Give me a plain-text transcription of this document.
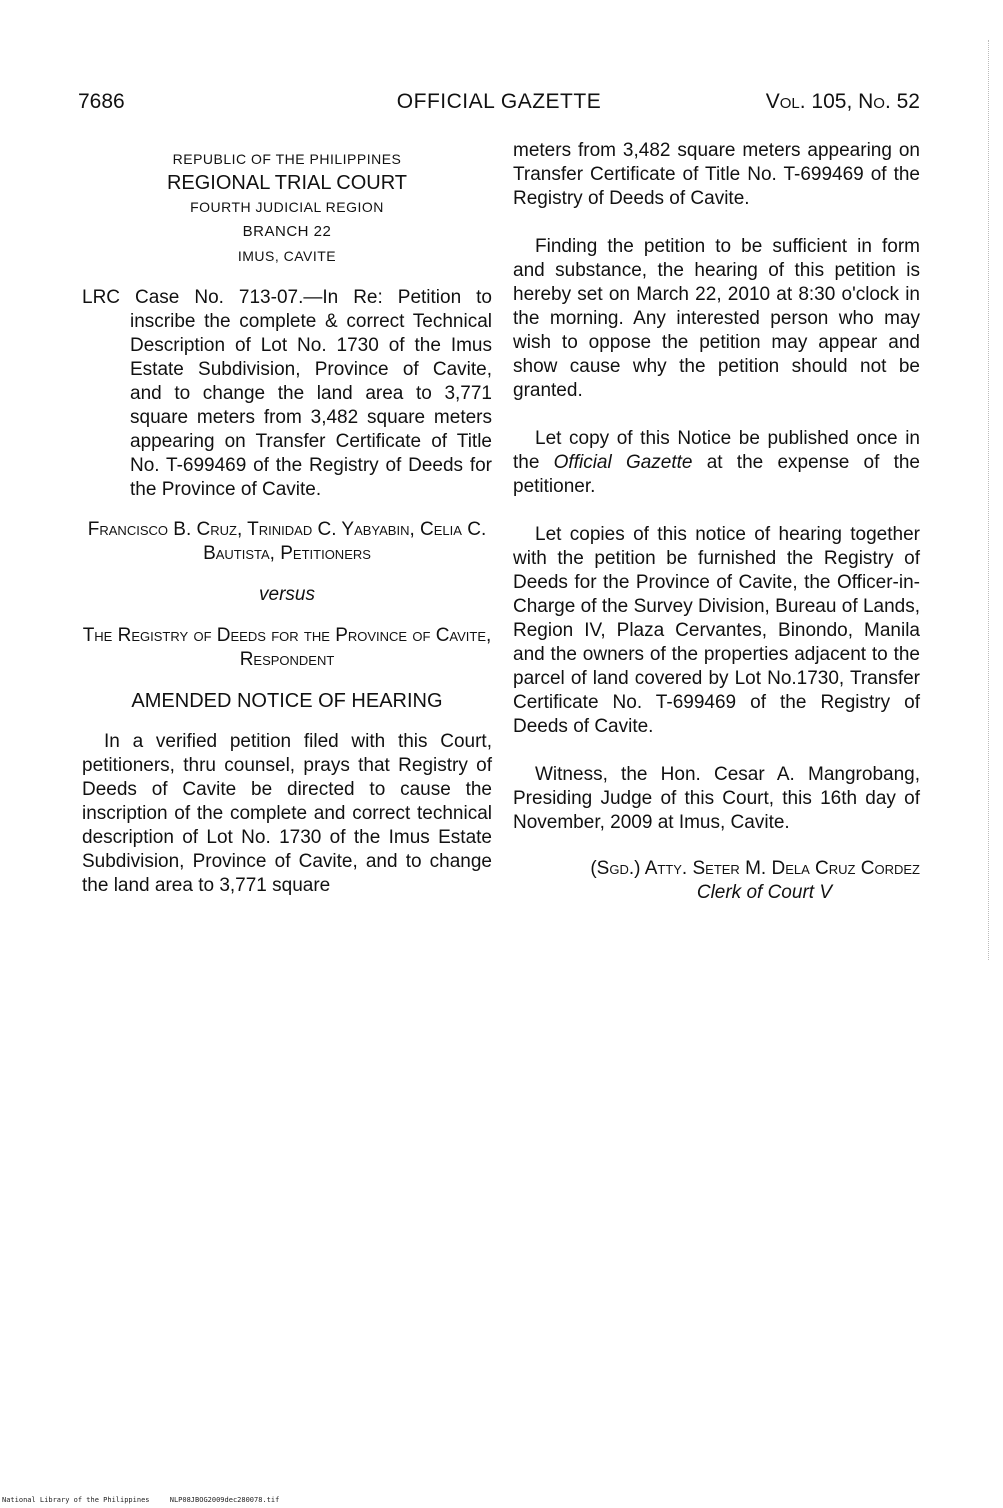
7686	OFFICIAL GAZETTE	Vol. 105, No. 52
REPUBLIC OF THE PHILIPPINES
REGIONAL TRIAL COURT
FOURTH JUDICIAL REGION
BRANCH 22
IMUS, CAVITE
LRC Case No. 713-07.—In Re: Petition to inscribe the complete & correct Technical Description of Lot No. 1730 of the Imus Estate Subdivision, Province of Cavite, and to change the land area to 3,771 square meters from 3,482 square meters appearing on Transfer Certificate of Title No. T-699469 of the Registry of Deeds for the Province of Cavite.
Francisco B. Cruz, Trinidad C. Yabyabin, Celia C. Bautista, Petitioners
versus
The Registry of Deeds for the Province of Cavite, Respondent
AMENDED NOTICE OF HEARING
In a verified petition filed with this Court, petitioners, thru counsel, prays that Registry of Deeds of Cavite be directed to cause the inscription of the complete and correct technical description of Lot No. 1730 of the Imus Estate Subdivision, Province of Cavite, and to change the land area to 3,771 square
meters from 3,482 square meters appearing on Transfer Certificate of Title No. T-699469 of the Registry of Deeds of Cavite.
Finding the petition to be sufficient in form and substance, the hearing of this petition is hereby set on March 22, 2010 at 8:30 o'clock in the morning. Any interested person who may wish to oppose the petition may appear and show cause why the petition should not be granted.
Let copy of this Notice be published once in the Official Gazette at the expense of the petitioner.
Let copies of this notice of hearing together with the petition be furnished the Registry of Deeds for the Province of Cavite, the Officer-in-Charge of the Survey Division, Bureau of Lands, Region IV, Plaza Cervantes, Binondo, Manila and the owners of the properties adjacent to the parcel of land covered by Lot No.1730, Transfer Certificate No. T-699469 of the Registry of Deeds of Cavite.
Witness, the Hon. Cesar A. Mangrobang, Presiding Judge of this Court, this 16th day of November, 2009 at Imus, Cavite.
(Sgd.) Atty. Seter M. Dela Cruz Cordez
Clerk of Court V
National Library of the Philippines	NLP08JBOG2009dec280078.tif
